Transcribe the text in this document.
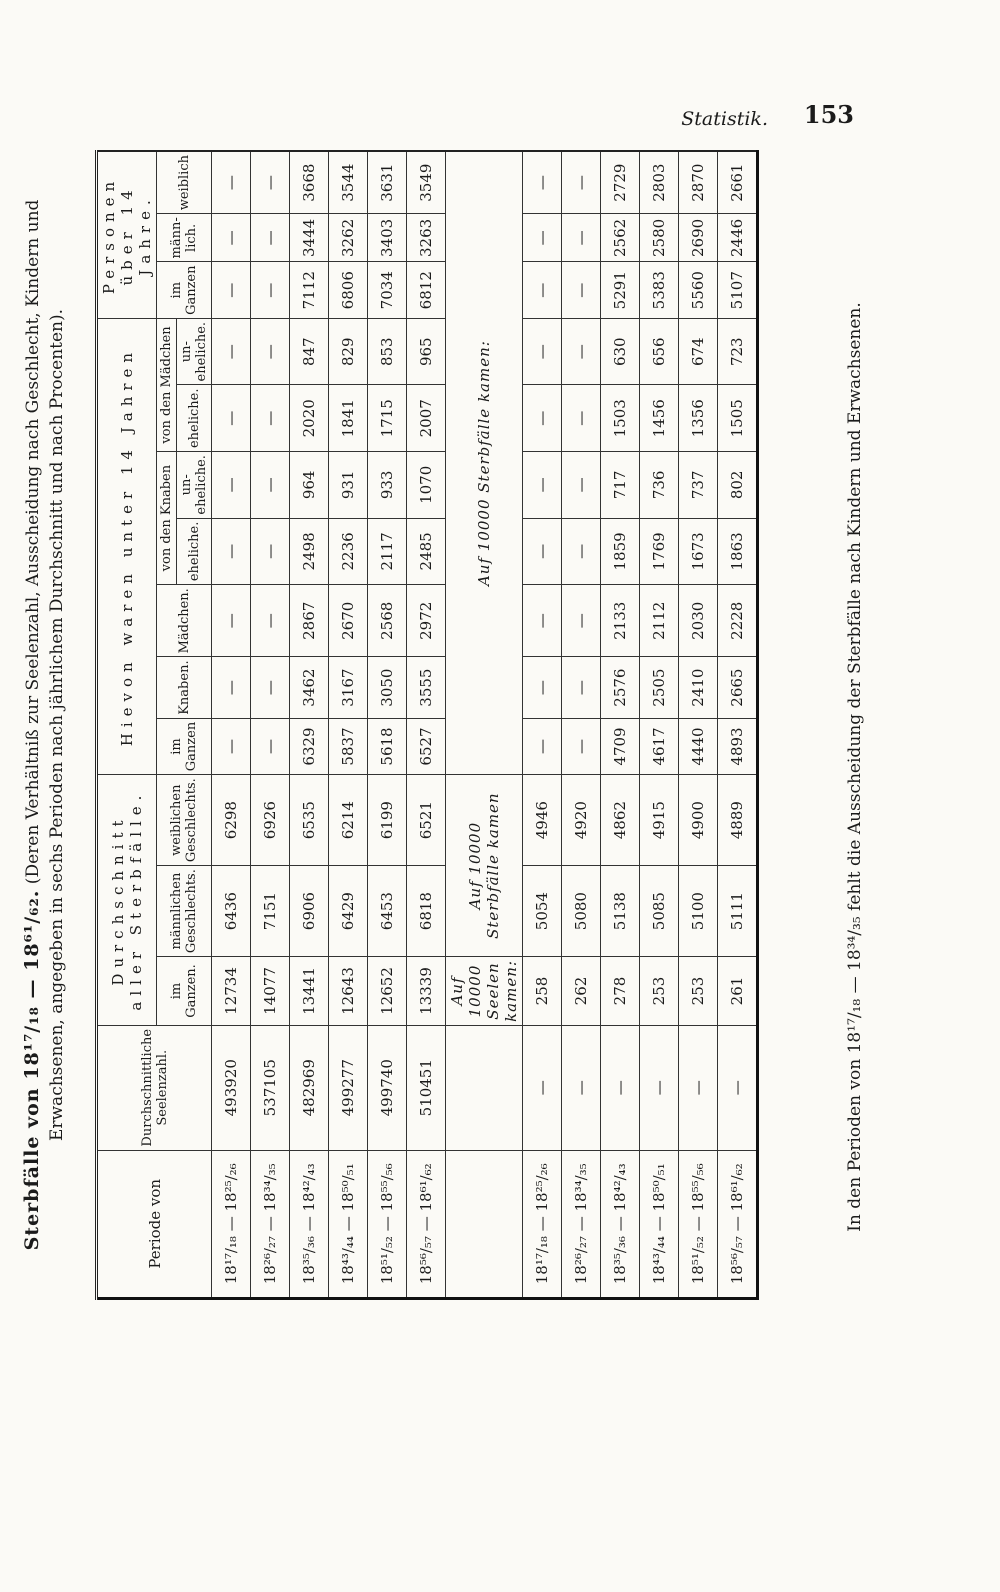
153
Statistik.
Sterbfälle von 18¹⁷/₁₈ — 18⁶¹/₆₂. (Deren Verhältniß zur Seelenzahl, Ausscheidung nach Geschlecht, Kindern und Erwachsenen, angegeben in sechs Perioden nach jährlichem Durchschnitt und nach Procenten).
Periode von	Durchschnittliche Seelenzahl.	Durchschnitt aller Sterbfälle.			Hievon waren unter 14 Jahren							Personen über 14 Jahre.		
		im Ganzen.	männlichen Geschlechts.	weiblichen Geschlechts.	im Ganzen	Knaben.	Mädchen.	von den Knaben		von den Mädchen		im Ganzen	männ-lich.	weiblich
								eheliche.	un-eheliche.	eheliche.	un-eheliche.			
18¹⁷/₁₈ — 18²⁵/₂₆	493920	12734	6436	6298	—	—	—	—	—	—	—	—	—	—
18²⁶/₂₇ — 18³⁴/₃₅	537105	14077	7151	6926	—	—	—	—	—	—	—	—	—	—
18³⁵/₃₆ — 18⁴²/₄₃	482969	13441	6906	6535	6329	3462	2867	2498	964	2020	847	7112	3444	3668
18⁴³/₄₄ — 18⁵⁰/₅₁	499277	12643	6429	6214	5837	3167	2670	2236	931	1841	829	6806	3262	3544
18⁵¹/₅₂ — 18⁵⁵/₅₆	499740	12652	6453	6199	5618	3050	2568	2117	933	1715	853	7034	3403	3631
18⁵⁶/₅₇ — 18⁶¹/₆₂	510451	13339	6818	6521	6527	3555	2972	2485	1070	2007	965	6812	3263	3549
		Auf 10000 Seelen kamen:	Auf 10000 Sterbfälle kamen		Auf 10000 Sterbfälle kamen:									
18¹⁷/₁₈ — 18²⁵/₂₆	—	258	5054	4946	—	—	—	—	—	—	—	—	—	—
18²⁶/₂₇ — 18³⁴/₃₅	—	262	5080	4920	—	—	—	—	—	—	—	—	—	—
18³⁵/₃₆ — 18⁴²/₄₃	—	278	5138	4862	4709	2576	2133	1859	717	1503	630	5291	2562	2729
18⁴³/₄₄ — 18⁵⁰/₅₁	—	253	5085	4915	4617	2505	2112	1769	736	1456	656	5383	2580	2803
18⁵¹/₅₂ — 18⁵⁵/₅₆	—	253	5100	4900	4440	2410	2030	1673	737	1356	674	5560	2690	2870
18⁵⁶/₅₇ — 18⁶¹/₆₂	—	261	5111	4889	4893	2665	2228	1863	802	1505	723	5107	2446	2661
In den Perioden von 18¹⁷/₁₈ — 18³⁴/₃₅ fehlt die Ausscheidung der Sterbfälle nach Kindern und Erwachsenen.
